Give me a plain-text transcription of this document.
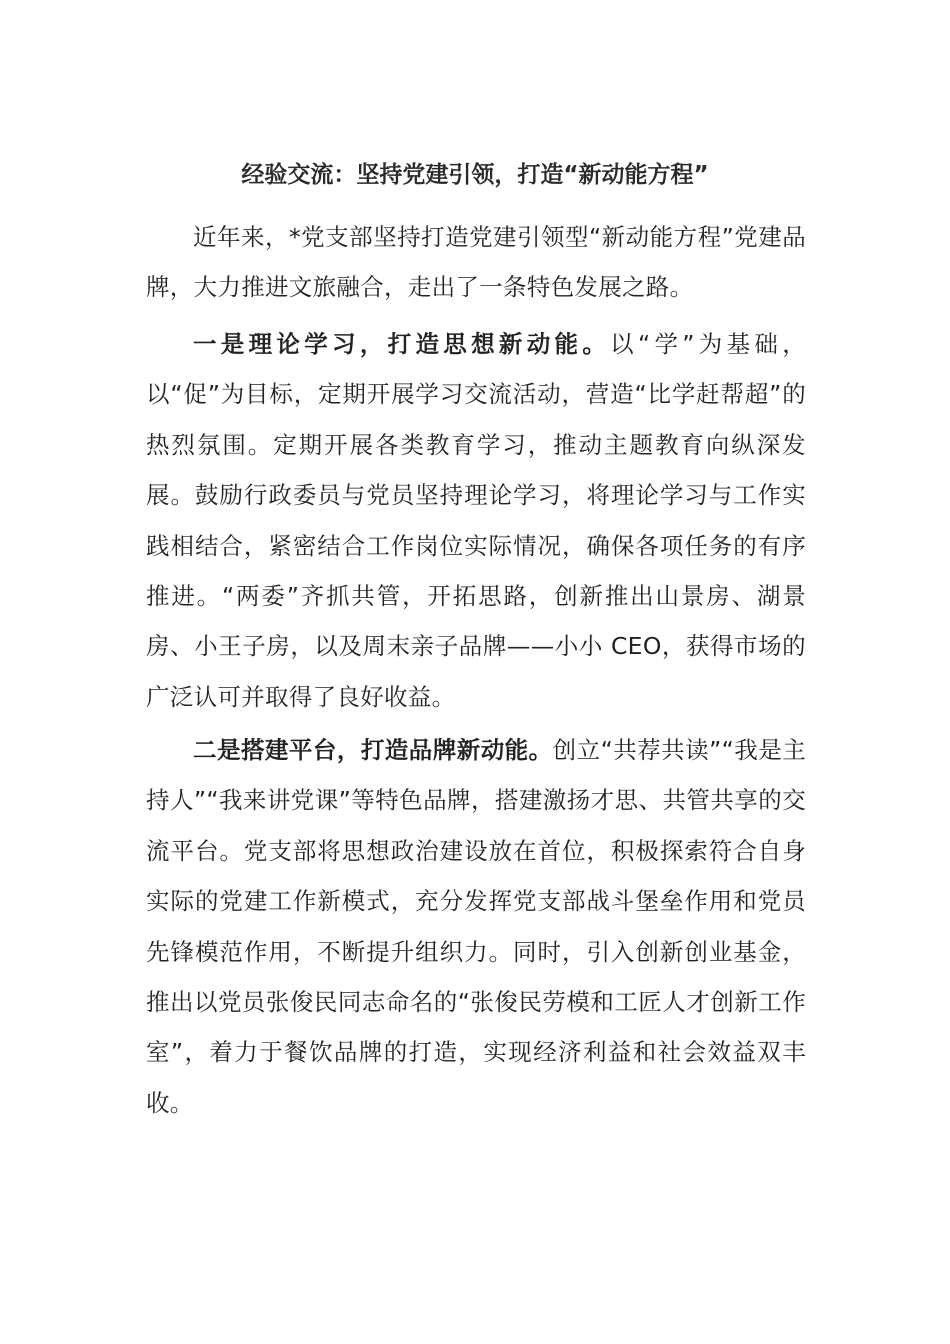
经验交流：坚持党建引领，打造“新动能方程”

近年来，*党支部坚持打造党建引领型“新动能方程”党建品牌，大力推进文旅融合，走出了一条特色发展之路。

一是理论学习，打造思想新动能。以“学”为基础，以“促”为目标，定期开展学习交流活动，营造“比学赶帮超”的热烈氛围。定期开展各类教育学习，推动主题教育向纵深发展。鼓励行政委员与党员坚持理论学习，将理论学习与工作实践相结合，紧密结合工作岗位实际情况，确保各项任务的有序推进。“两委”齐抓共管，开拓思路，创新推出山景房、湖景房、小王子房，以及周末亲子品牌——小小 CEO，获得市场的广泛认可并取得了良好收益。

二是搭建平台，打造品牌新动能。创立“共荐共读”“我是主持人”“我来讲党课”等特色品牌，搭建激扬才思、共管共享的交流平台。党支部将思想政治建设放在首位，积极探索符合自身实际的党建工作新模式，充分发挥党支部战斗堡垒作用和党员先锋模范作用，不断提升组织力。同时，引入创新创业基金，推出以党员张俊民同志命名的“张俊民劳模和工匠人才创新工作室”，着力于餐饮品牌的打造，实现经济利益和社会效益双丰收。
